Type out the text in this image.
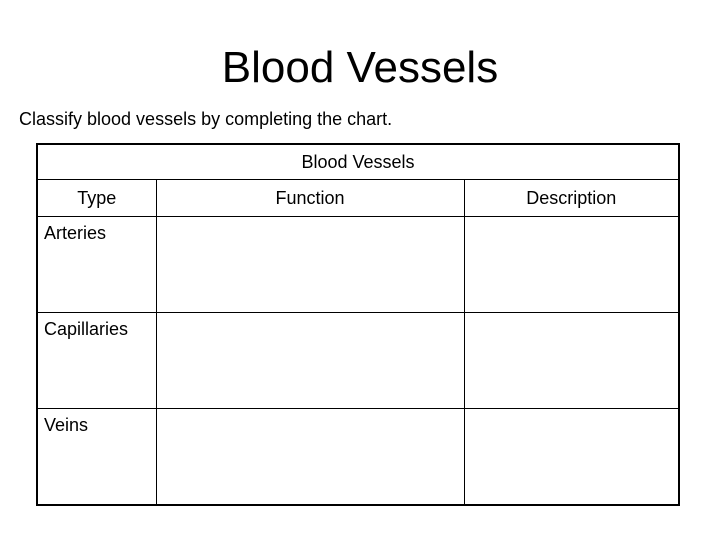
Blood Vessels
Classify blood vessels by completing the chart.
Blood Vessels		
Type	Function	Description
Arteries		
Capillaries		
Veins		
